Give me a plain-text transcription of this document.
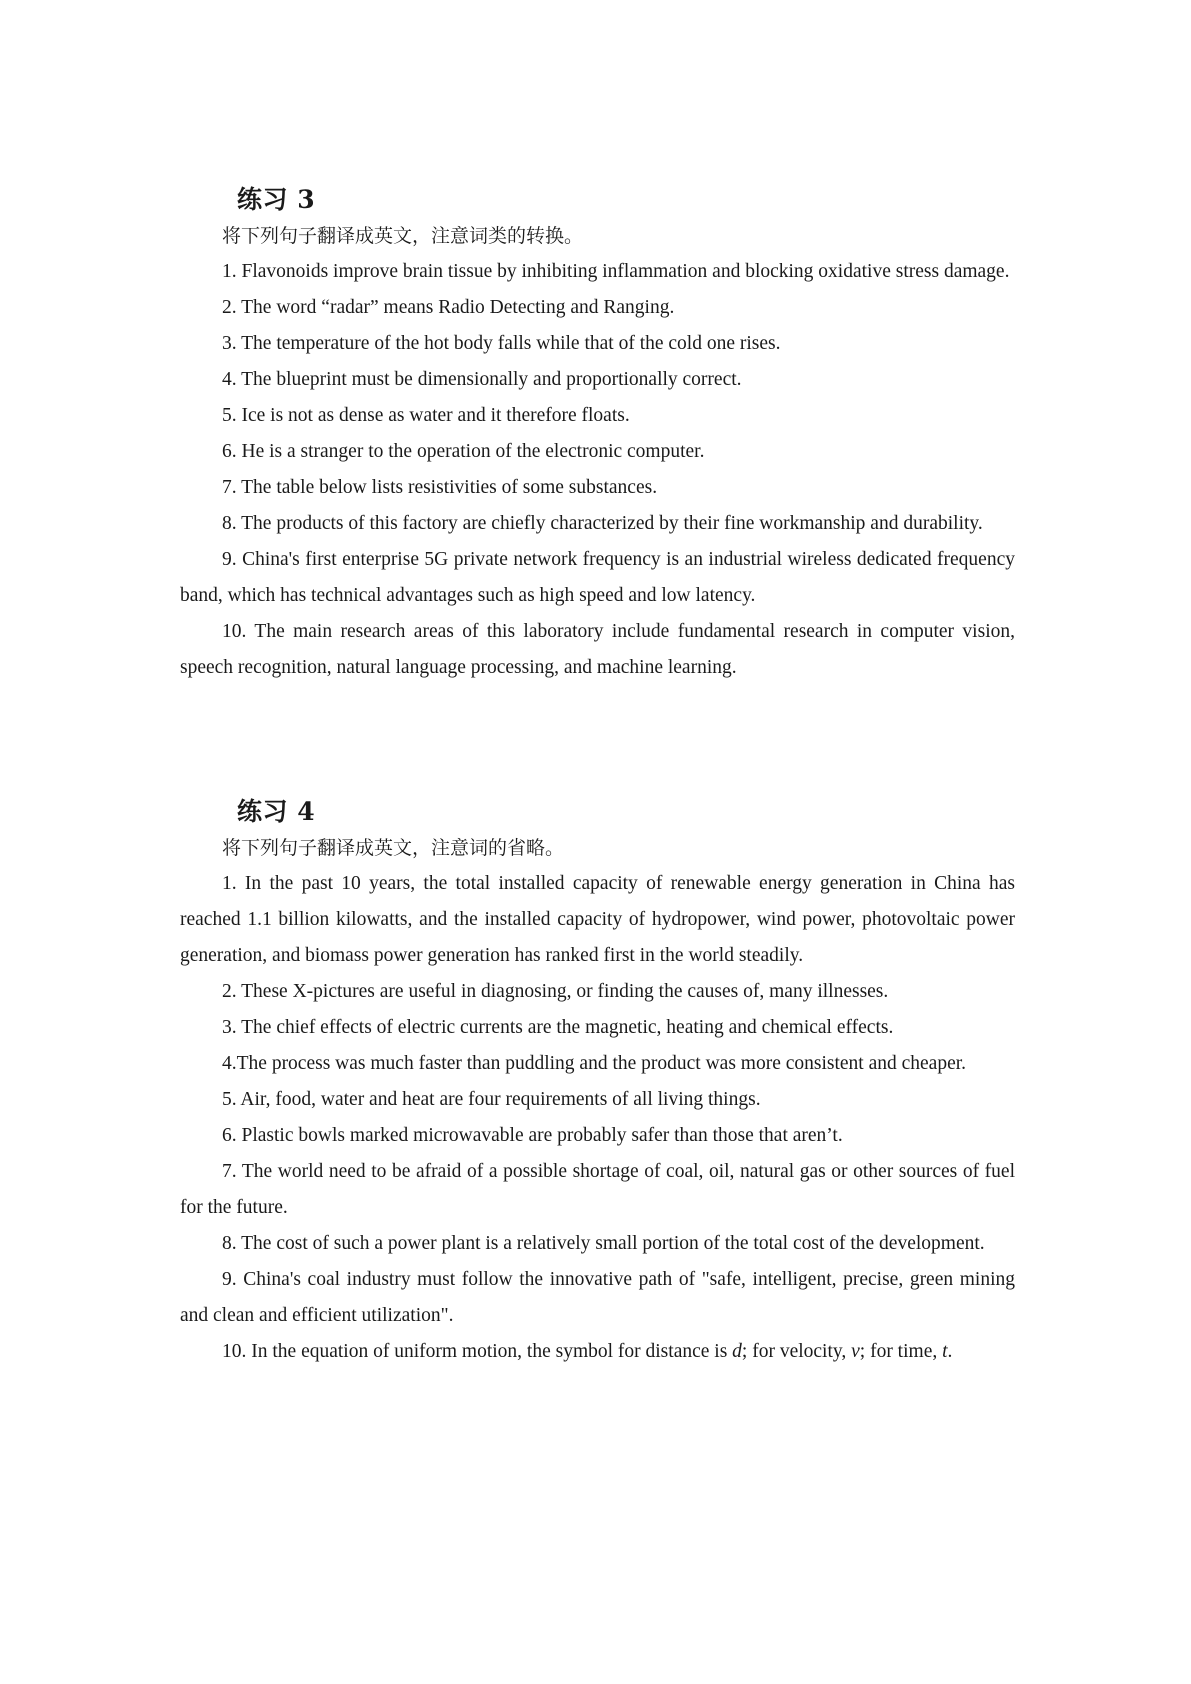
练习 3

将下列句子翻译成英文，注意词类的转换。

1. Flavonoids improve brain tissue by inhibiting inflammation and blocking oxidative stress damage.

2. The word “radar” means Radio Detecting and Ranging.

3. The temperature of the hot body falls while that of the cold one rises.

4. The blueprint must be dimensionally and proportionally correct.

5. Ice is not as dense as water and it therefore floats.

6. He is a stranger to the operation of the electronic computer.

7. The table below lists resistivities of some substances.

8. The products of this factory are chiefly characterized by their fine workmanship and durability.

9. China's first enterprise 5G private network frequency is an industrial wireless dedicated frequency band, which has technical advantages such as high speed and low latency.

10. The main research areas of this laboratory include fundamental research in computer vision, speech recognition, natural language processing, and machine learning.

练习 4

将下列句子翻译成英文，注意词的省略。

1. In the past 10 years, the total installed capacity of renewable energy generation in China has reached 1.1 billion kilowatts, and the installed capacity of hydropower, wind power, photovoltaic power generation, and biomass power generation has ranked first in the world steadily.

2. These X-pictures are useful in diagnosing, or finding the causes of, many illnesses.

3. The chief effects of electric currents are the magnetic, heating and chemical effects.

4.The process was much faster than puddling and the product was more consistent and cheaper.

5. Air, food, water and heat are four requirements of all living things.

6. Plastic bowls marked microwavable are probably safer than those that aren’t.

7. The world need to be afraid of a possible shortage of coal, oil, natural gas or other sources of fuel for the future.

8. The cost of such a power plant is a relatively small portion of the total cost of the development.

9. China's coal industry must follow the innovative path of "safe, intelligent, precise, green mining and clean and efficient utilization".

10. In the equation of uniform motion, the symbol for distance is d; for velocity, v; for time, t.
